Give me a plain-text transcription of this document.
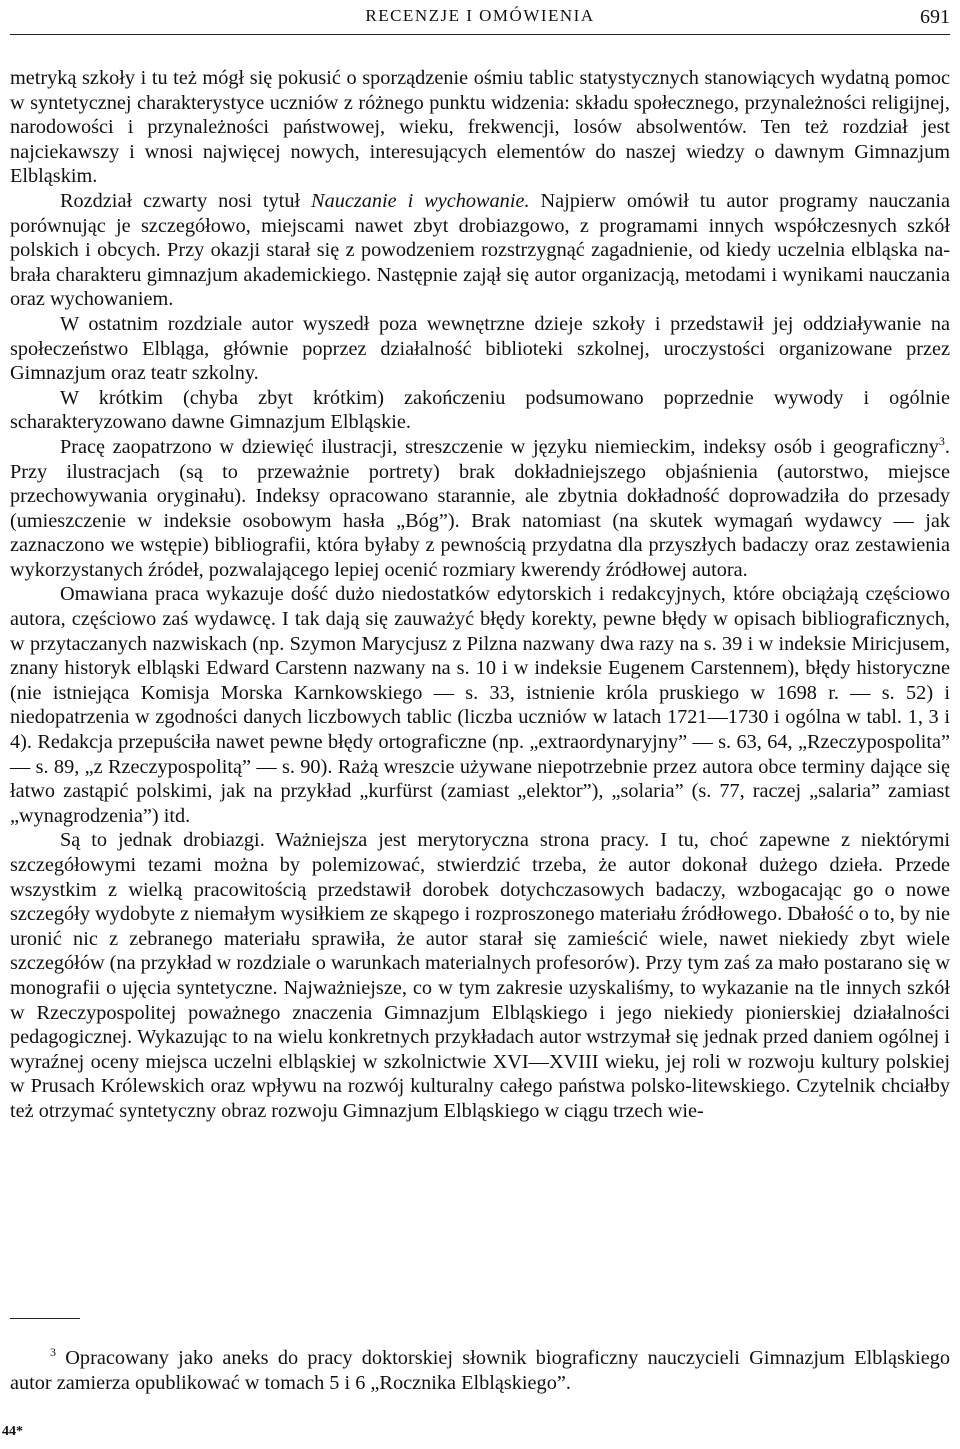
RECENZJE I OMÓWIENIA	691

metryką szkoły i tu też mógł się pokusić o sporządzenie ośmiu tablic statystycznych stanowiących wydatną pomoc w syntetycznej charakterystyce uczniów z różnego punktu widzenia: składu społecznego, przynależności religijnej, narodowości i przynależności państwowej, wieku, frekwencji, losów absolwentów. Ten też rozdział jest najciekawszy i wnosi najwięcej nowych, interesujących elementów do naszej wiedzy o dawnym Gimnazjum Elbląskim.

Rozdział czwarty nosi tytuł Nauczanie i wychowanie. Najpierw omówił tu autor programy nauczania porównując je szczegółowo, miejscami nawet zbyt drobiazgowo, z programami innych współczesnych szkół polskich i obcych. Przy okazji starał się z powodzeniem rozstrzygnąć zagadnienie, od kiedy uczelnia elbląska nabrała charakteru gimnazjum akademickiego. Następnie zajął się autor organizacją, metodami i wynikami nauczania oraz wychowaniem.

W ostatnim rozdziale autor wyszedł poza wewnętrzne dzieje szkoły i przedstawił jej oddziaływanie na społeczeństwo Elbląga, głównie poprzez działalność biblioteki szkolnej, uroczystości organizowane przez Gimnazjum oraz teatr szkolny.

W krótkim (chyba zbyt krótkim) zakończeniu podsumowano poprzednie wywody i ogólnie scharakteryzowano dawne Gimnazjum Elbląskie.

Pracę zaopatrzono w dziewięć ilustracji, streszczenie w języku niemieckim, indeksy osób i geograficzny$^3$. Przy ilustracjach (są to przeważnie portrety) brak dokładniejszego objaśnienia (autorstwo, miejsce przechowywania oryginału). Indeksy opracowano starannie, ale zbytnia dokładność doprowadziła do przesady (umieszczenie w indeksie osobowym hasła „Bóg”). Brak natomiast (na skutek wymagań wydawcy — jak zaznaczono we wstępie) bibliografii, która byłaby z pewnością przydatna dla przyszłych badaczy oraz zestawienia wykorzystanych źródeł, pozwalającego lepiej ocenić rozmiary kwerendy źródłowej autora.

Omawiana praca wykazuje dość dużo niedostatków edytorskich i redakcyjnych, które obciążają częściowo autora, częściowo zaś wydawcę. I tak dają się zauważyć błędy korekty, pewne błędy w opisach bibliograficznych, w przytaczanych nazwiskach (np. Szymon Marycjusz z Pilzna nazwany dwa razy na s. 39 i w indeksie Miricjusem, znany historyk elbląski Edward Carstenn nazwany na s. 10 i w indeksie Eugenem Carstennem), błędy historyczne (nie istniejąca Komisja Morska Karnkowskiego — s. 33, istnienie króla pruskiego w 1698 r. — s. 52) i niedopatrzenia w zgodności danych liczbowych tablic (liczba uczniów w latach 1721—1730 i ogólna w tabl. 1, 3 i 4). Redakcja przepuściła nawet pewne błędy ortograficzne (np. „extraordynaryjny” — s. 63, 64, „Rzeczypospolita” — s. 89, „z Rzeczypospolitą” — s. 90). Rażą wreszcie używane niepotrzebnie przez autora obce terminy dające się łatwo zastąpić polskimi, jak na przykład „kurfürst (zamiast „elektor”), „solaria” (s. 77, raczej „salaria” zamiast „wynagrodzenia”) itd.

Są to jednak drobiazgi. Ważniejsza jest merytoryczna strona pracy. I tu, choć zapewne z niektórymi szczegółowymi tezami można by polemizować, stwierdzić trzeba, że autor dokonał dużego dzieła. Przede wszystkim z wielką pracowitością przedstawił dorobek dotychczasowych badaczy, wzbogacając go o nowe szczegóły wydobyte z niemałym wysiłkiem ze skąpego i rozproszonego materiału źródłowego. Dbałość o to, by nie uronić nic z zebranego materiału sprawiła, że autor starał się zamieścić wiele, nawet niekiedy zbyt wiele szczegółów (na przykład w rozdziale o warunkach materialnych profesorów). Przy tym zaś za mało postarano się w monografii o ujęcia syntetyczne. Najważniejsze, co w tym zakresie uzyskaliśmy, to wykazanie na tle innych szkół w Rzeczypospolitej poważnego znaczenia Gimnazjum Elbląskiego i jego niekiedy pionierskiej działalności pedagogicznej. Wykazując to na wielu konkretnych przykładach autor wstrzymał się jednak przed daniem ogólnej i wyraźnej oceny miejsca uczelni elbląskiej w szkolnictwie XVI—XVIII wieku, jej roli w rozwoju kultury polskiej w Prusach Królewskich oraz wpływu na rozwój kulturalny całego państwa polsko-litewskiego. Czytelnik chciałby też otrzymać syntetyczny obraz rozwoju Gimnazjum Elbląskiego w ciągu trzech wie-

$^3$ Opracowany jako aneks do pracy doktorskiej słownik biograficzny nauczycieli Gimnazjum Elbląskiego autor zamierza opublikować w tomach 5 i 6 „Rocznika Elbląskiego”.

44*
